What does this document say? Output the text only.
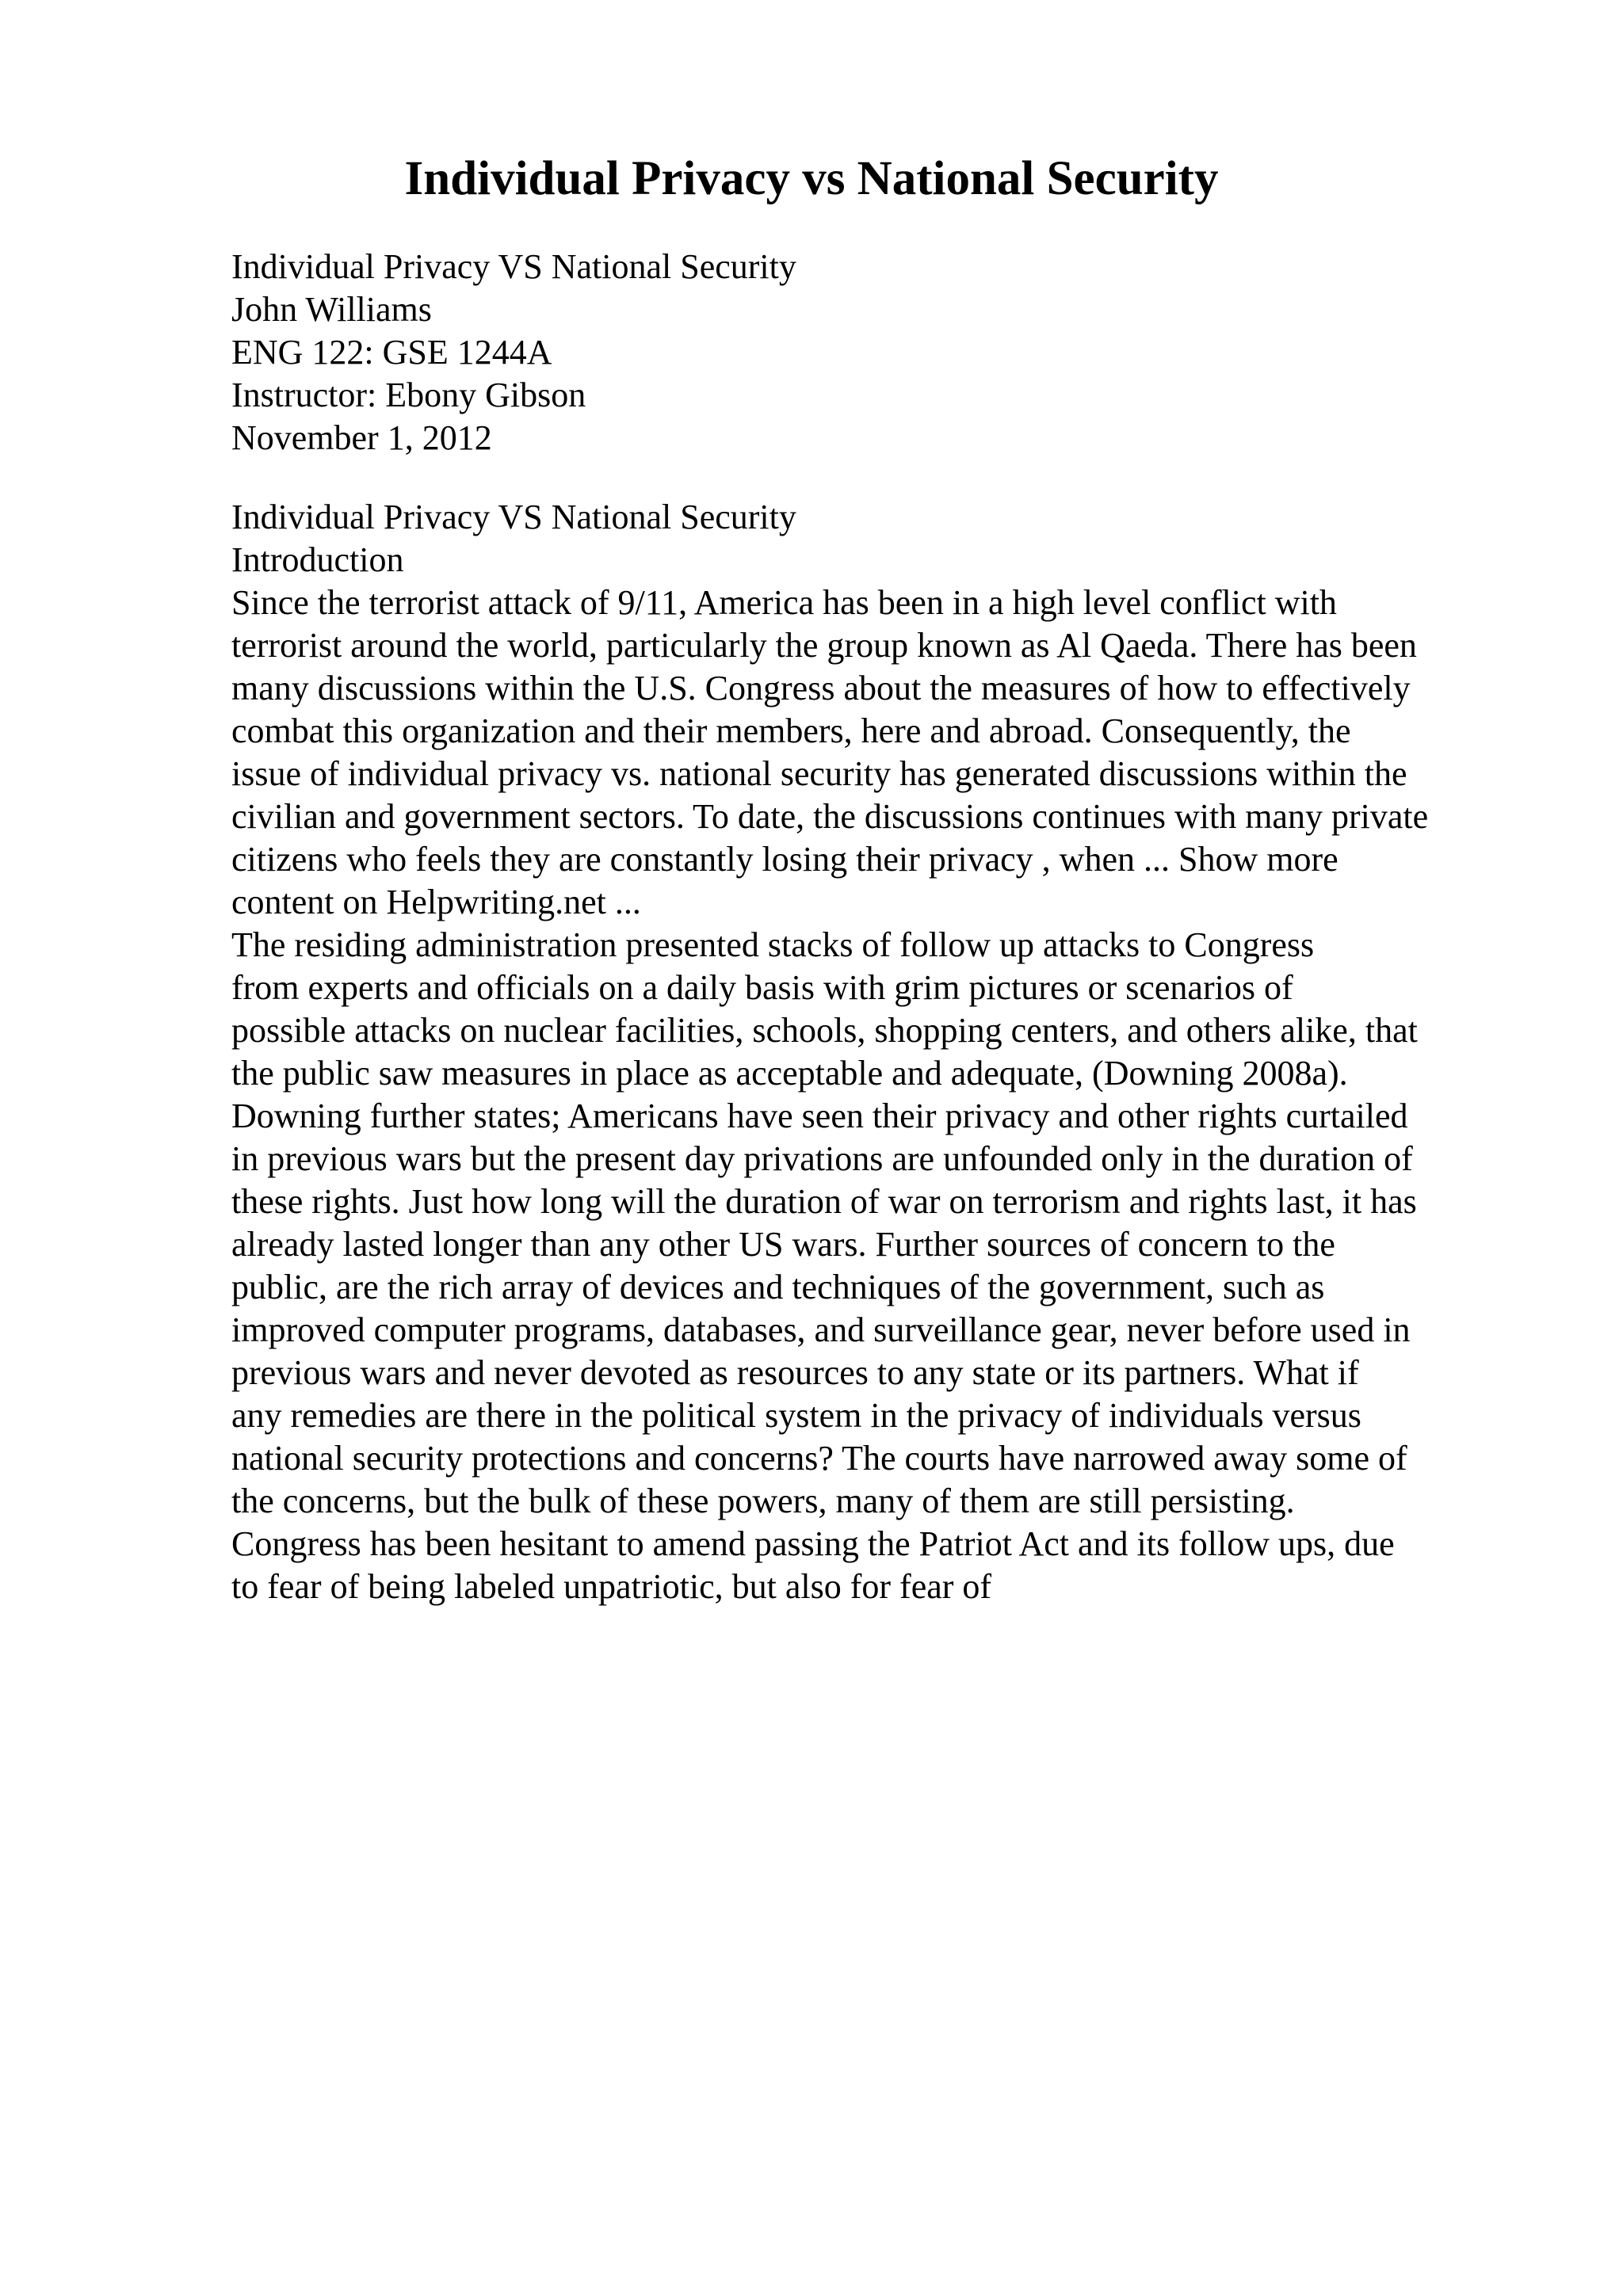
Individual Privacy vs National Security
Individual Privacy VS National Security
John Williams
ENG 122: GSE 1244A
Instructor: Ebony Gibson
November 1, 2012
Individual Privacy VS National Security
Introduction
Since the terrorist attack of 9/11, America has been in a high level conflict with
terrorist around the world, particularly the group known as Al Qaeda. There has been
many discussions within the U.S. Congress about the measures of how to effectively
combat this organization and their members, here and abroad. Consequently, the
issue of individual privacy vs. national security has generated discussions within the
civilian and government sectors. To date, the discussions continues with many private
citizens who feels they are constantly losing their privacy , when ... Show more
content on Helpwriting.net ...
The residing administration presented stacks of follow up attacks to Congress
from experts and officials on a daily basis with grim pictures or scenarios of
possible attacks on nuclear facilities, schools, shopping centers, and others alike, that
the public saw measures in place as acceptable and adequate, (Downing 2008a).
Downing further states; Americans have seen their privacy and other rights curtailed
in previous wars but the present day privations are unfounded only in the duration of
these rights. Just how long will the duration of war on terrorism and rights last, it has
already lasted longer than any other US wars. Further sources of concern to the
public, are the rich array of devices and techniques of the government, such as
improved computer programs, databases, and surveillance gear, never before used in
previous wars and never devoted as resources to any state or its partners. What if
any remedies are there in the political system in the privacy of individuals versus
national security protections and concerns? The courts have narrowed away some of
the concerns, but the bulk of these powers, many of them are still persisting.
Congress has been hesitant to amend passing the Patriot Act and its follow ups, due
to fear of being labeled unpatriotic, but also for fear of
